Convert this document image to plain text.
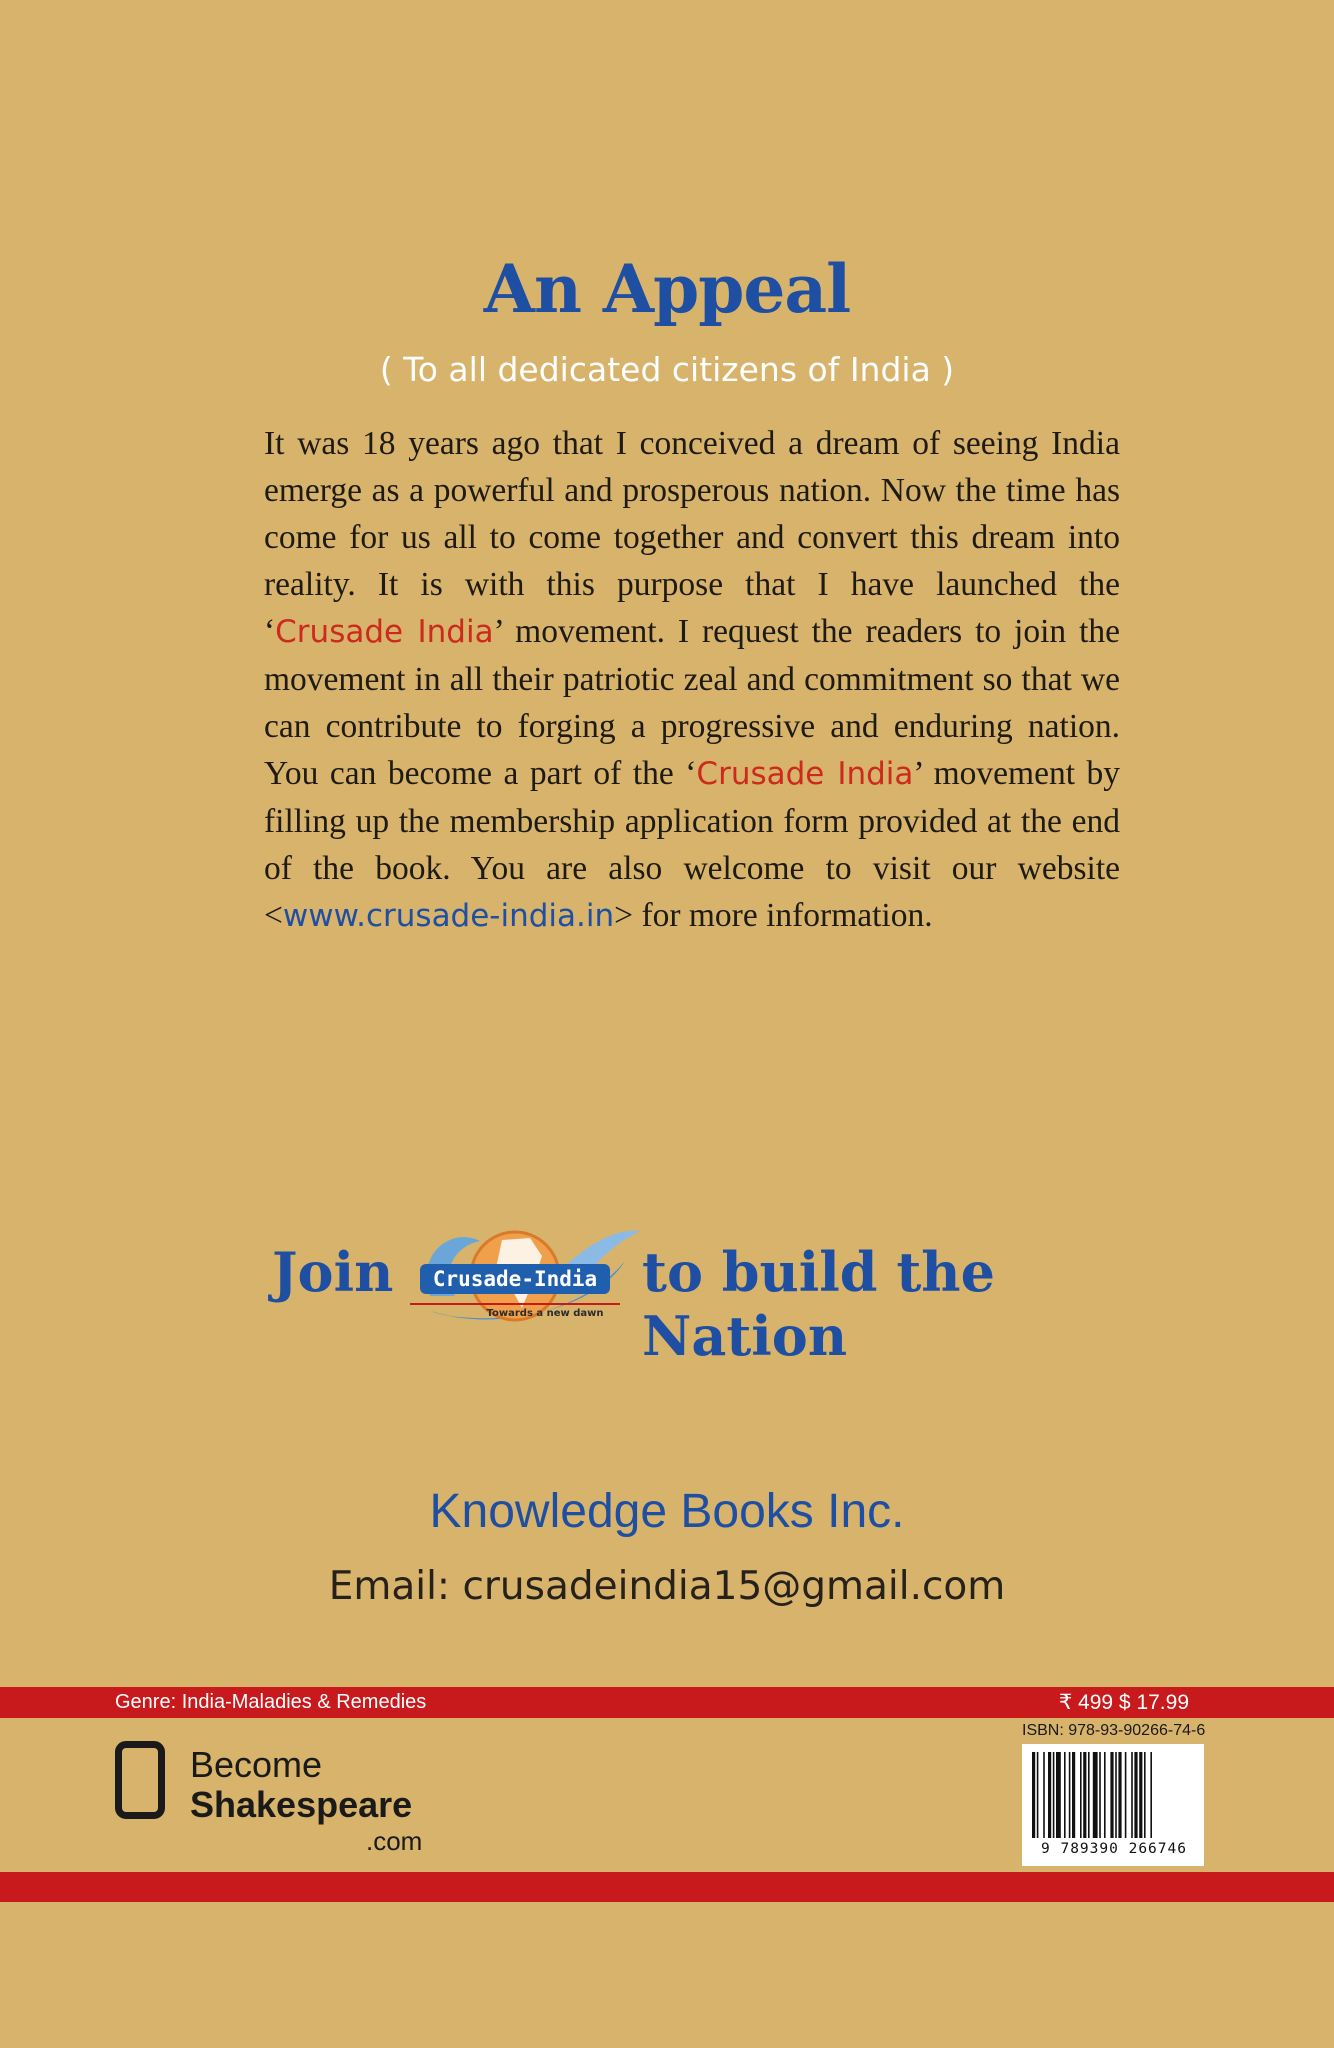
An Appeal
( To all dedicated citizens of India )
It was 18 years ago that I conceived a dream of seeing India emerge as a powerful and prosperous nation. Now the time has come for us all to come together and convert this dream into reality. It is with this purpose that I have launched the ‘Crusade India’ movement. I request the readers to join the movement in all their patriotic zeal and commitment so that we can contribute to forging a progressive and enduring nation. You can become a part of the ‘Crusade India’ movement by filling up the membership application form provided at the end of the book. You are also welcome to visit our website <www.crusade-india.in> for more information.
Join Crusade-India
Towards a new dawn
to build the Nation
Knowledge Books Inc.
Email: crusadeindia15@gmail.com
Genre: India-Maladies & Remedies	₹ 499 $ 17.99
Become
Shakespeare
.com
ISBN: 978-93-90266-74-6
9 789390 266746
